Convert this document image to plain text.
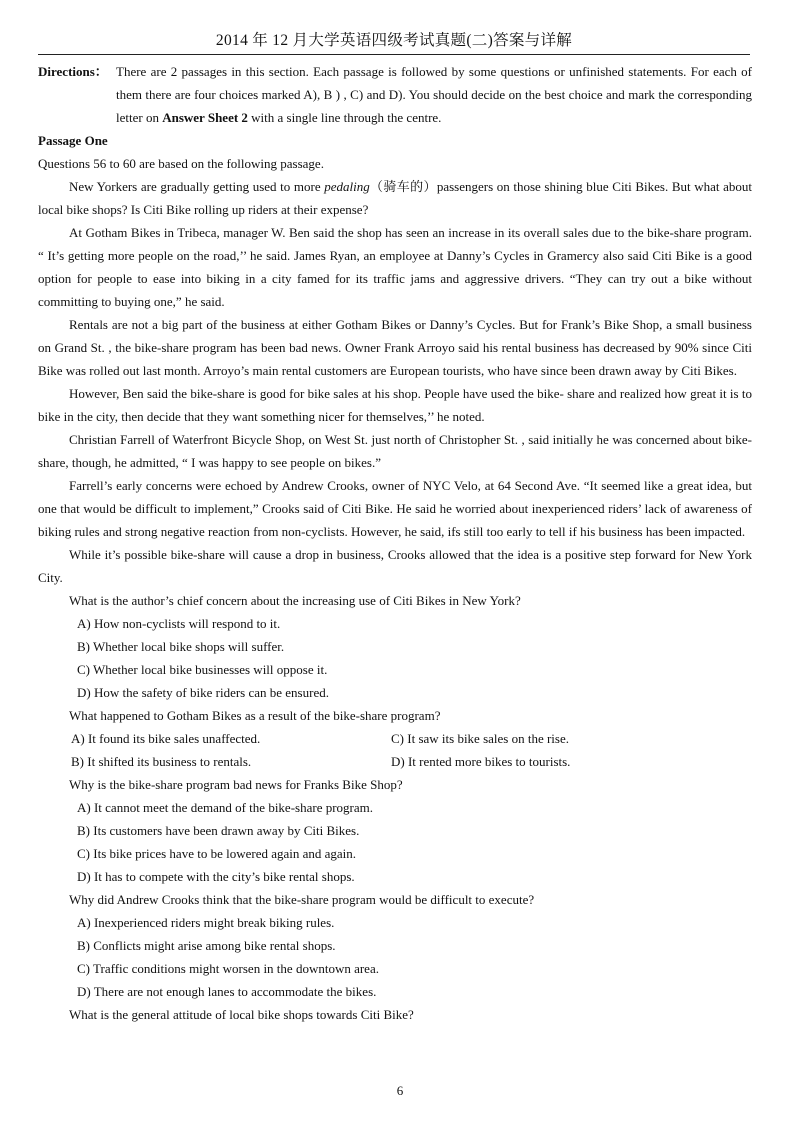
2014 年 12 月大学英语四级考试真题(二)答案与详解
Directions： There are 2 passages in this section. Each passage is followed by some questions or unfinished statements. For each of them there are four choices marked A), B ) , C) and D). You should decide on the best choice and mark the corresponding letter on Answer Sheet 2 with a single line through the centre.

Passage One

Questions 56 to 60 are based on the following passage.

New Yorkers are gradually getting used to more pedaling（骑车的）passengers on those shining blue Citi Bikes. But what about local bike shops? Is Citi Bike rolling up riders at their expense?

At Gotham Bikes in Tribeca, manager W. Ben said the shop has seen an increase in its overall sales due to the bike-share program. “ It’s getting more people on the road,’’ he said. James Ryan, an employee at Danny’s Cycles in Gramercy also said Citi Bike is a good option for people to ease into biking in a city famed for its traffic jams and aggressive drivers. “They can try out a bike without committing to buying one,” he said.

Rentals are not a big part of the business at either Gotham Bikes or Danny’s Cycles. But for Frank’s Bike Shop, a small business on Grand St. , the bike-share program has been bad news. Owner Frank Arroyo said his rental business has decreased by 90% since Citi Bike was rolled out last month. Arroyo’s main rental customers are European tourists, who have since been drawn away by Citi Bikes.

However, Ben said the bike-share is good for bike sales at his shop. People have used the bike- share and realized how great it is to bike in the city, then decide that they want something nicer for themselves,’’ he noted.

Christian Farrell of Waterfront Bicycle Shop, on West St. just north of Christopher St. , said initially he was concerned about bike-share, though, he admitted, “ I was happy to see people on bikes.”

Farrell’s early concerns were echoed by Andrew Crooks, owner of NYC Velo, at 64 Second Ave. “It seemed like a great idea, but one that would be difficult to implement,” Crooks said of Citi Bike. He said he worried about inexperienced riders’ lack of awareness of biking rules and strong negative reaction from non-cyclists. However, he said, ifs still too early to tell if his business has been impacted.

While it’s possible bike-share will cause a drop in business, Crooks allowed that the idea is a positive step forward for New York City.

What is the author’s chief concern about the increasing use of Citi Bikes in New York?

A) How non-cyclists will respond to it.

B) Whether local bike shops will suffer.

C) Whether local bike businesses will oppose it.

D) How the safety of bike riders can be ensured.

What happened to Gotham Bikes as a result of the bike-share program?

A) It found its bike sales unaffected.	C) It saw its bike sales on the rise.
B) It shifted its business to rentals.	D) It rented more bikes to tourists.

Why is the bike-share program bad news for Franks Bike Shop?

A) It cannot meet the demand of the bike-share program.

B) Its customers have been drawn away by Citi Bikes.

C) Its bike prices have to be lowered again and again.

D) It has to compete with the city’s bike rental shops.

Why did Andrew Crooks think that the bike-share program would be difficult to execute?

A) Inexperienced riders might break biking rules.

B) Conflicts might arise among bike rental shops.

C) Traffic conditions might worsen in the downtown area.

D) There are not enough lanes to accommodate the bikes.

What is the general attitude of local bike shops towards Citi Bike?

6
